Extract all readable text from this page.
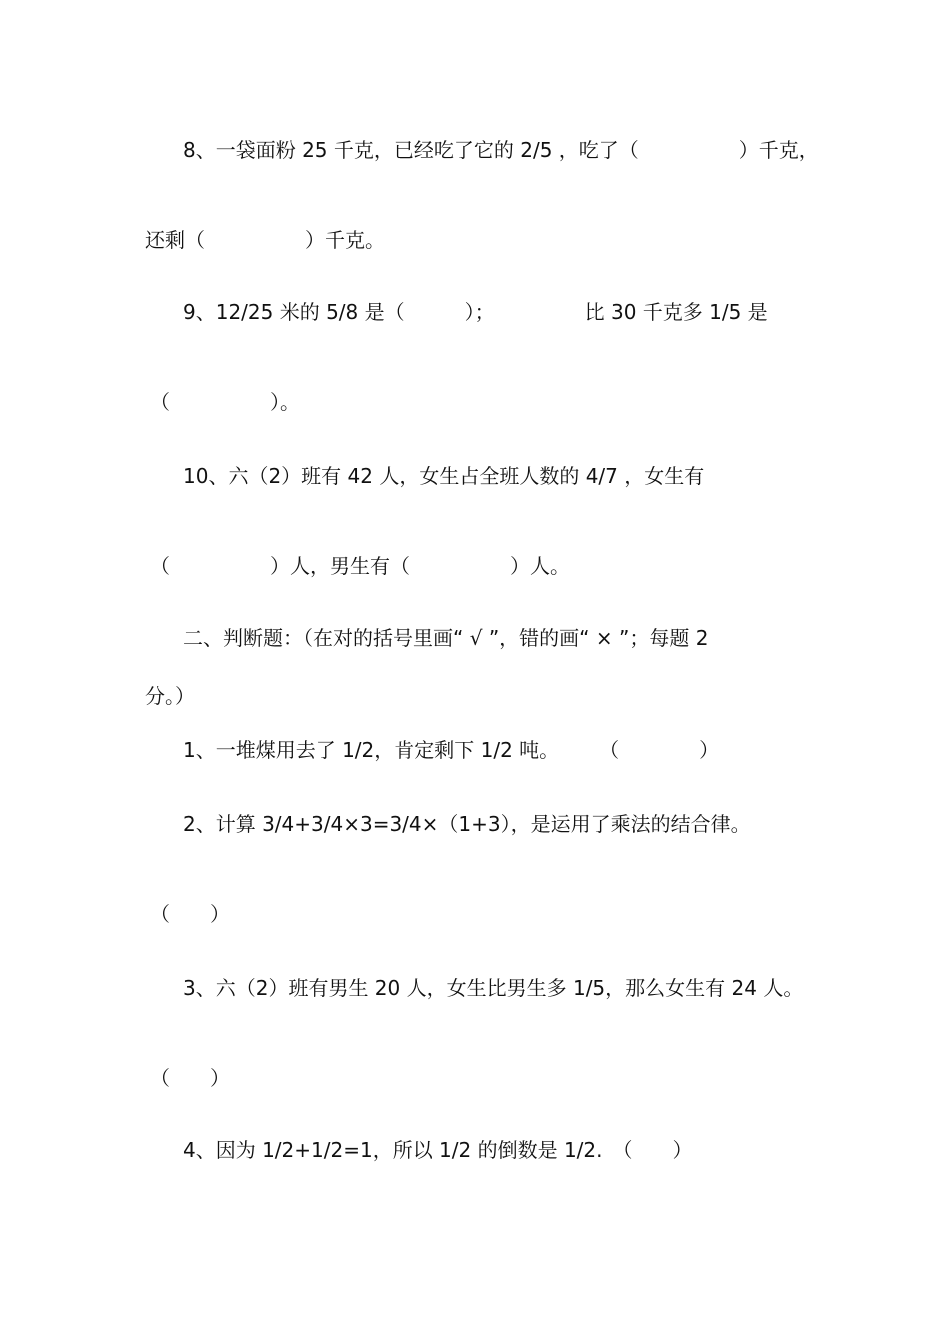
8、一袋面粉 25 千克，已经吃了它的 2/5 ，吃了（　　　　　）千克，
还剩（　　　　　）千克。
9、12/25 米的 5/8 是（　　　）；　　　　　比 30 千克多 1/5 是
（　　　　　）。
10、六（2）班有 42 人，女生占全班人数的 4/7 ，女生有
（　　　　　）人，男生有（　　　　　）人。
二、判断题：（在对的括号里画“ √ ”，错的画“ × ”；每题 2
分。）
1、一堆煤用去了 1/2，肯定剩下 1/2 吨。　　　（　　　　）
2、计算 3/4+3/4×3=3/4×（1+3），是运用了乘法的结合律。
（　　）
3、六（2）班有男生 20 人，女生比男生多 1/5，那么女生有 24 人。
（　　）
4、因为 1/2+1/2=1，所以 1/2 的倒数是 1/2.　（　　）
